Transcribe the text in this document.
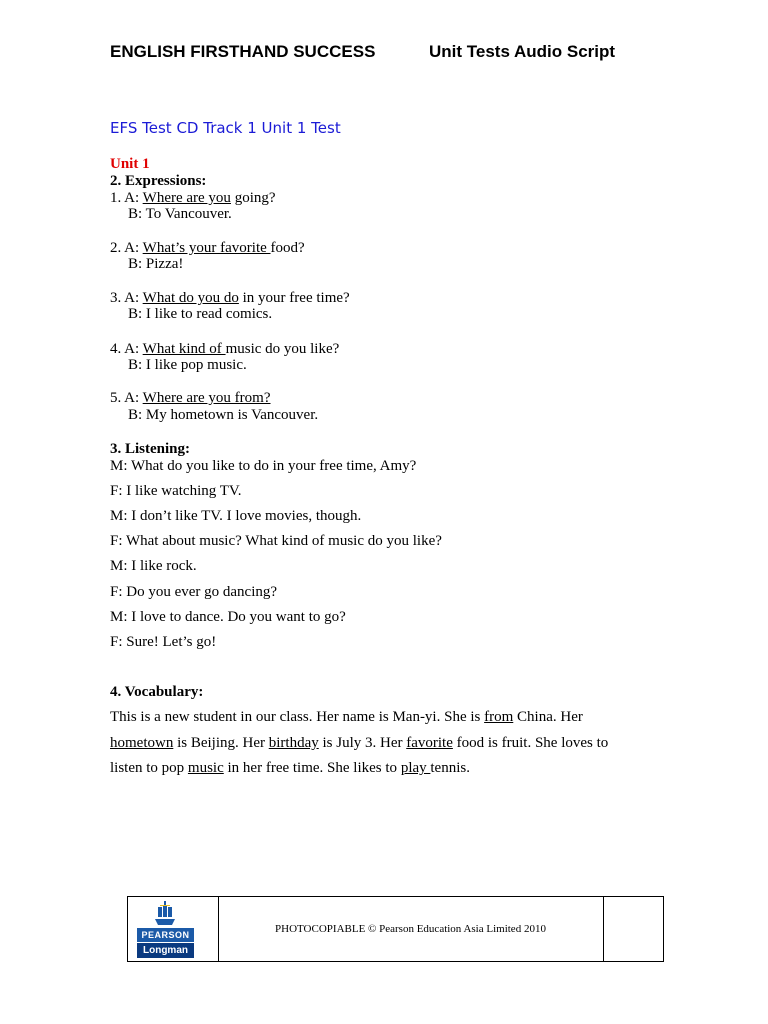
ENGLISH FIRSTHAND SUCCESS	Unit Tests Audio Script
EFS Test CD Track 1 Unit 1 Test
Unit 1
2. Expressions:
1. A: Where are you going?
B: To Vancouver.
2. A: What’s your favorite food?
B: Pizza!
3. A: What do you do in your free time?
B: I like to read comics.
4. A: What kind of music do you like?
B: I like pop music.
5. A: Where are you from?
B: My hometown is Vancouver.
3. Listening:
M: What do you like to do in your free time, Amy?
F: I like watching TV.
M: I don’t like TV. I love movies, though.
F: What about music? What kind of music do you like?
M: I like rock.
F: Do you ever go dancing?
M: I love to dance. Do you want to go?
F: Sure! Let’s go!
4. Vocabulary:
This is a new student in our class. Her name is Man-yi. She is from China. Her
hometown is Beijing. Her birthday is July 3. Her favorite food is fruit. She loves to
listen to pop music in her free time. She likes to play tennis.
PEARSON
Longman
PHOTOCOPIABLE © Pearson Education Asia Limited 2010
